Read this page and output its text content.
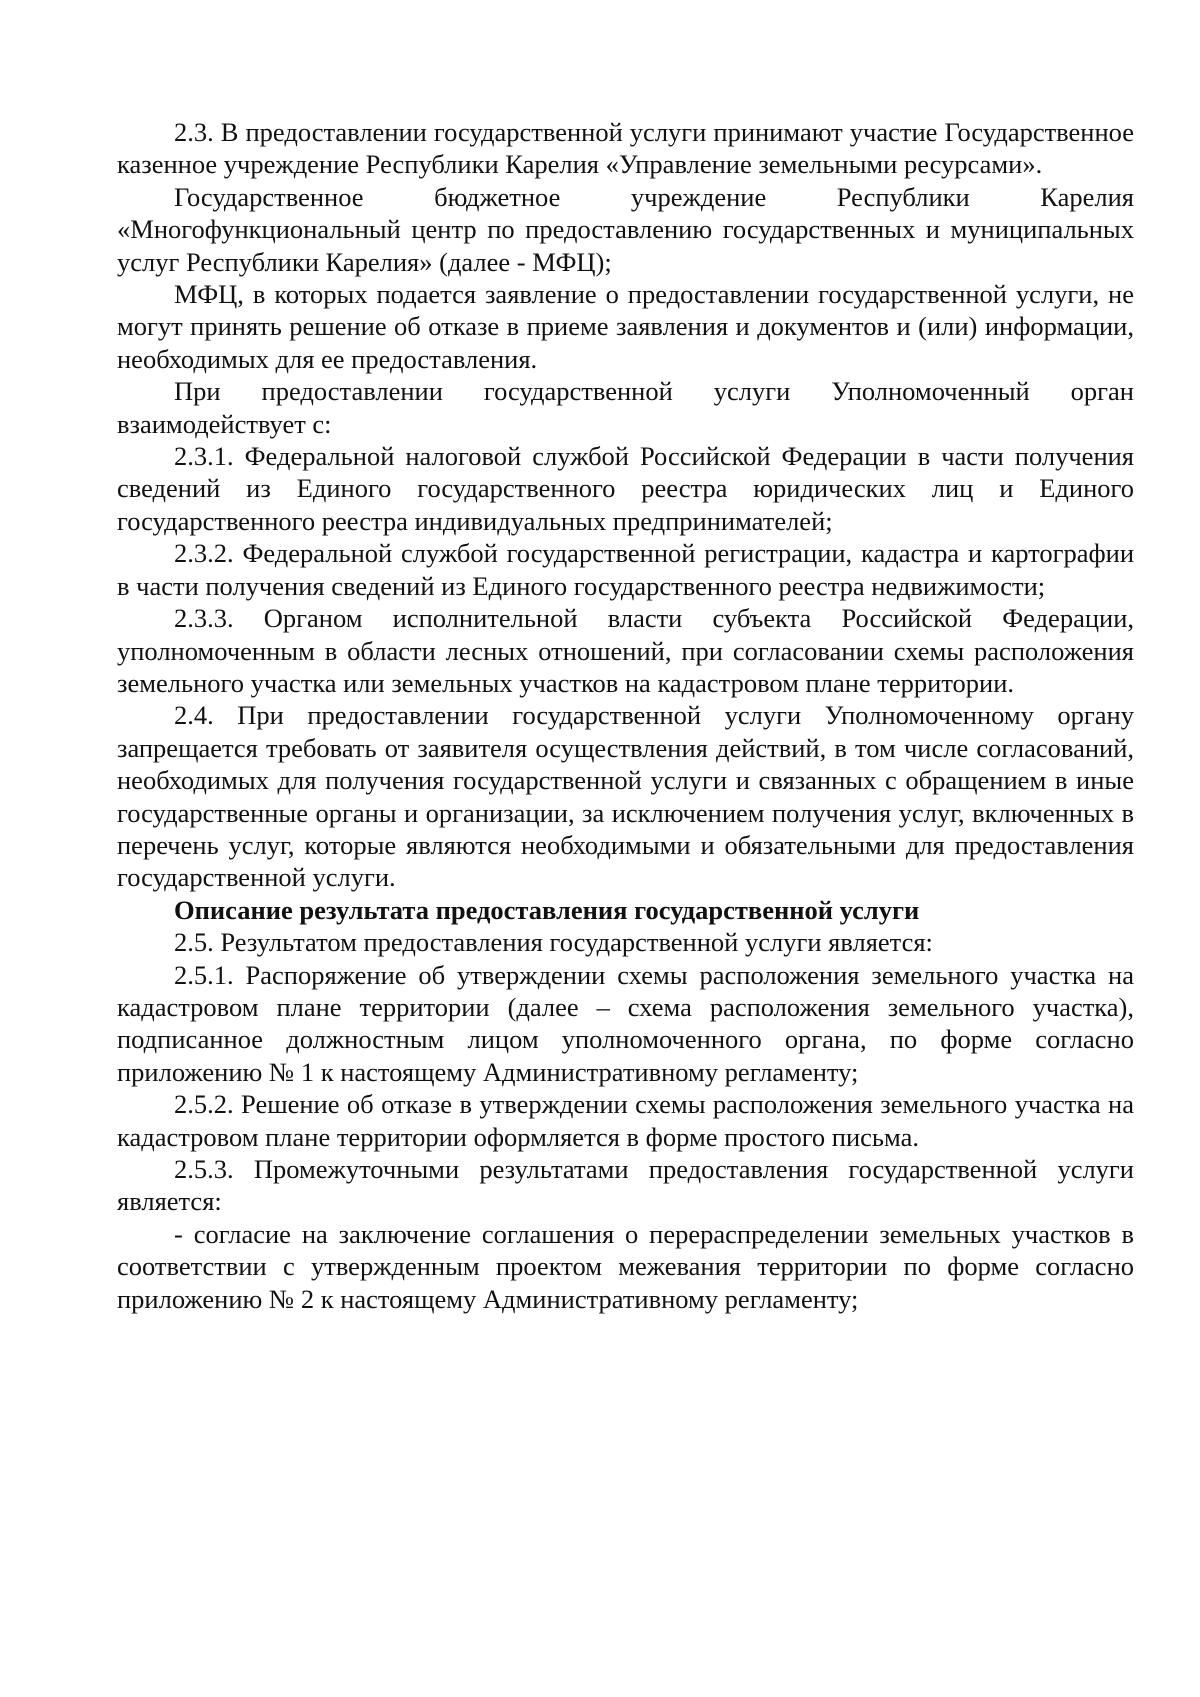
2.3. В предоставлении государственной услуги принимают участие Государственное казенное учреждение Республики Карелия «Управление земельными ресурсами».

Государственное бюджетное учреждение Республики Карелия «Многофункциональный центр по предоставлению государственных и муниципальных услуг Республики Карелия» (далее - МФЦ);

МФЦ, в которых подается заявление о предоставлении государственной услуги, не могут принять решение об отказе в приеме заявления и документов и (или) информации, необходимых для ее предоставления.

При предоставлении государственной услуги Уполномоченный орган взаимодействует с:

2.3.1. Федеральной налоговой службой Российской Федерации в части получения сведений из Единого государственного реестра юридических лиц и Единого государственного реестра индивидуальных предпринимателей;

2.3.2. Федеральной службой государственной регистрации, кадастра и картографии в части получения сведений из Единого государственного реестра недвижимости;

2.3.3. Органом исполнительной власти субъекта Российской Федерации, уполномоченным в области лесных отношений, при согласовании схемы расположения земельного участка или земельных участков на кадастровом плане территории.

2.4. При предоставлении государственной услуги Уполномоченному органу запрещается требовать от заявителя осуществления действий, в том числе согласований, необходимых для получения государственной услуги и связанных с обращением в иные государственные органы и организации, за исключением получения услуг, включенных в перечень услуг, которые являются необходимыми и обязательными для предоставления государственной услуги.

Описание результата предоставления государственной услуги

2.5. Результатом предоставления государственной услуги является:

2.5.1. Распоряжение об утверждении схемы расположения земельного участка на кадастровом плане территории (далее – схема расположения земельного участка), подписанное должностным лицом уполномоченного органа, по форме согласно приложению № 1 к настоящему Административному регламенту;

2.5.2. Решение об отказе в утверждении схемы расположения земельного участка на кадастровом плане территории оформляется в форме простого письма.

2.5.3. Промежуточными результатами предоставления государственной услуги является:

- согласие на заключение соглашения о перераспределении земельных участков в соответствии с утвержденным проектом межевания территории по форме согласно приложению № 2 к настоящему Административному регламенту;
